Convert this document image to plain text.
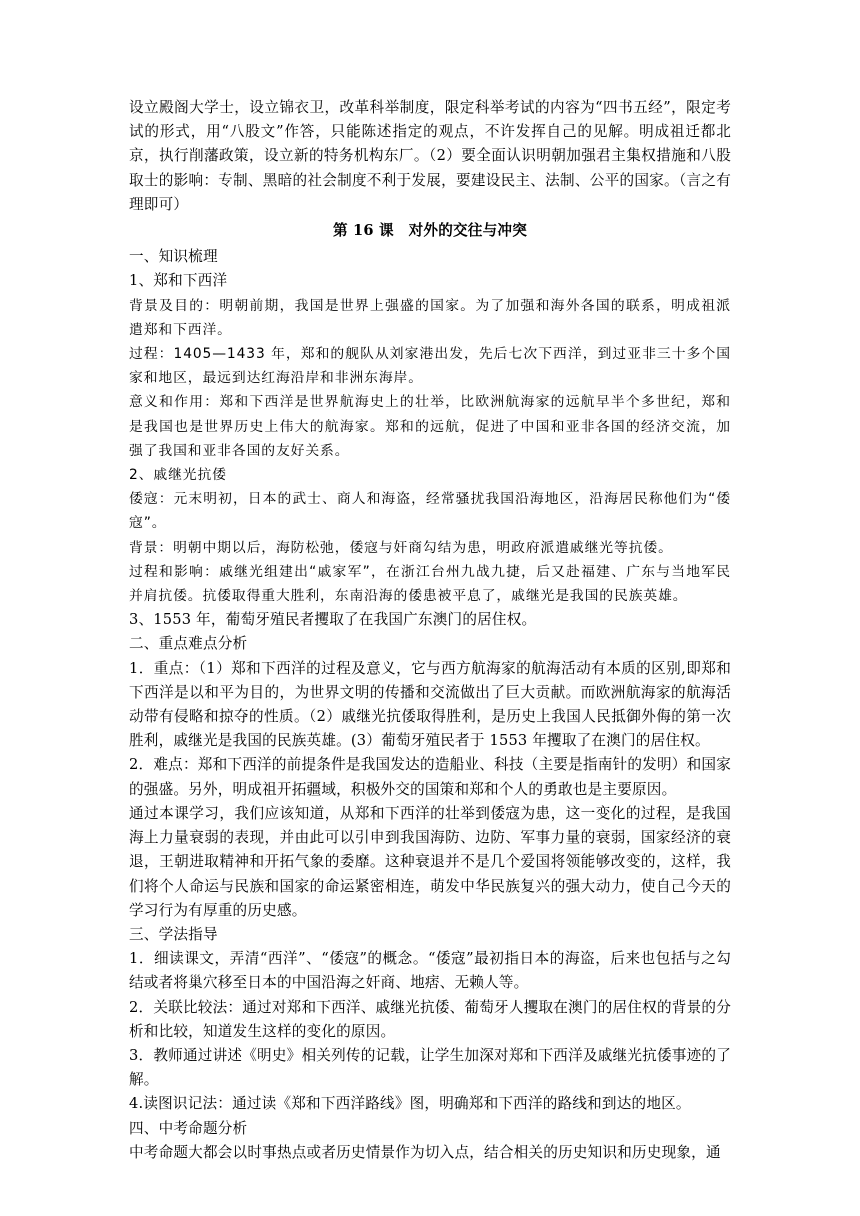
设立殿阁大学士，设立锦衣卫，改革科举制度，限定科举考试的内容为“四书五经”，限定考试的形式，用“八股文”作答，只能陈述指定的观点，不许发挥自己的见解。明成祖迁都北京，执行削藩政策，设立新的特务机构东厂。（2）要全面认识明朝加强君主集权措施和八股取士的影响：专制、黑暗的社会制度不利于发展，要建设民主、法制、公平的国家。（言之有理即可）

第 16 课　对外的交往与冲突

一、知识梳理

1、郑和下西洋

背景及目的：明朝前期，我国是世界上强盛的国家。为了加强和海外各国的联系，明成祖派遣郑和下西洋。

过程：1405—1433 年，郑和的舰队从刘家港出发，先后七次下西洋，到过亚非三十多个国家和地区，最远到达红海沿岸和非洲东海岸。

意义和作用：郑和下西洋是世界航海史上的壮举，比欧洲航海家的远航早半个多世纪，郑和是我国也是世界历史上伟大的航海家。郑和的远航，促进了中国和亚非各国的经济交流，加强了我国和亚非各国的友好关系。

2、戚继光抗倭

倭寇：元末明初，日本的武士、商人和海盗，经常骚扰我国沿海地区，沿海居民称他们为“倭寇”。

背景：明朝中期以后，海防松弛，倭寇与奸商勾结为患，明政府派遣戚继光等抗倭。

过程和影响：戚继光组建出“戚家军”，在浙江台州九战九捷，后又赴福建、广东与当地军民并肩抗倭。抗倭取得重大胜利，东南沿海的倭患被平息了，戚继光是我国的民族英雄。

3、1553 年，葡萄牙殖民者攫取了在我国广东澳门的居住权。

二、重点难点分析

1．重点：（1）郑和下西洋的过程及意义，它与西方航海家的航海活动有本质的区别,即郑和下西洋是以和平为目的，为世界文明的传播和交流做出了巨大贡献。而欧洲航海家的航海活动带有侵略和掠夺的性质。（2）戚继光抗倭取得胜利，是历史上我国人民抵御外侮的第一次胜利，戚继光是我国的民族英雄。(3）葡萄牙殖民者于 1553 年攫取了在澳门的居住权。

2．难点：郑和下西洋的前提条件是我国发达的造船业、科技（主要是指南针的发明）和国家的强盛。另外，明成祖开拓疆域，积极外交的国策和郑和个人的勇敢也是主要原因。

通过本课学习，我们应该知道，从郑和下西洋的壮举到倭寇为患，这一变化的过程，是我国海上力量衰弱的表现，并由此可以引申到我国海防、边防、军事力量的衰弱，国家经济的衰退，王朝进取精神和开拓气象的委靡。这种衰退并不是几个爱国将领能够改变的，这样，我们将个人命运与民族和国家的命运紧密相连，萌发中华民族复兴的强大动力，使自己今天的学习行为有厚重的历史感。

三、学法指导

1．细读课文，弄清“西洋”、“倭寇”的概念。“倭寇”最初指日本的海盗，后来也包括与之勾结或者将巢穴移至日本的中国沿海之奸商、地痞、无赖人等。

2．关联比较法：通过对郑和下西洋、戚继光抗倭、葡萄牙人攫取在澳门的居住权的背景的分析和比较，知道发生这样的变化的原因。

3．教师通过讲述《明史》相关列传的记载，让学生加深对郑和下西洋及戚继光抗倭事迹的了解。

4.读图识记法：通过读《郑和下西洋路线》图，明确郑和下西洋的路线和到达的地区。

四、中考命题分析

中考命题大都会以时事热点或者历史情景作为切入点，结合相关的历史知识和历史现象，通
